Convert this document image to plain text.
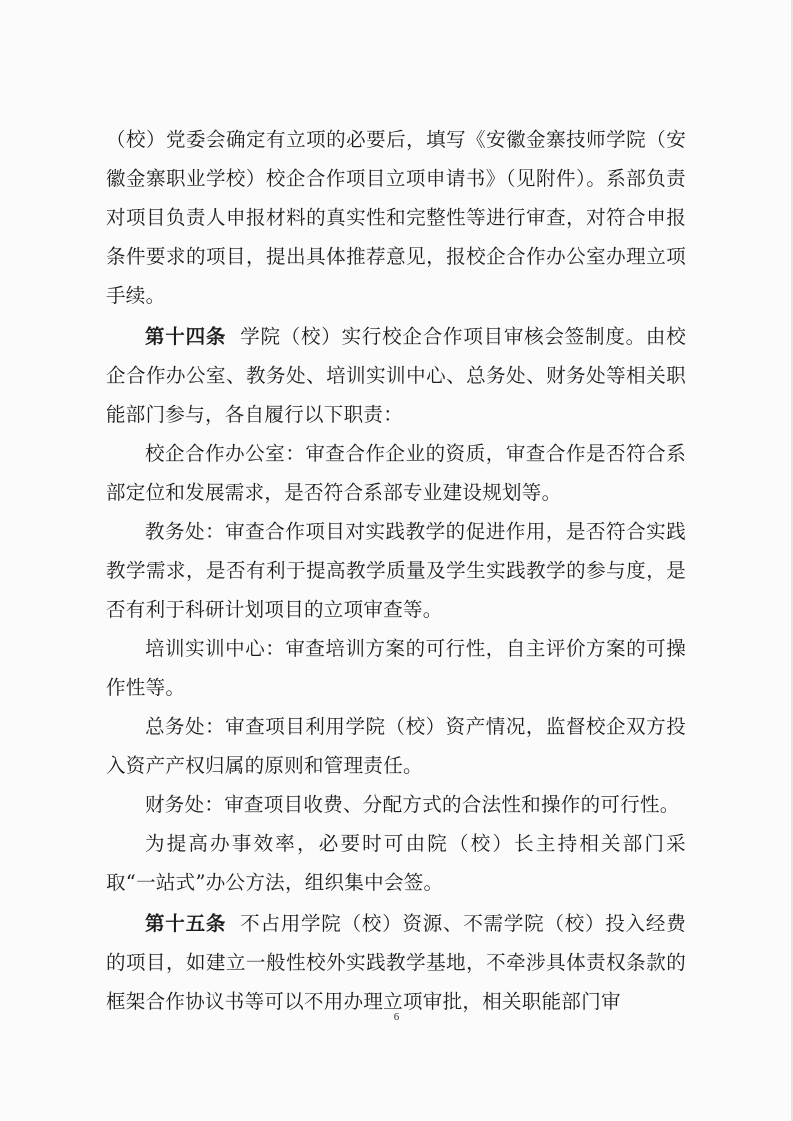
（校）党委会确定有立项的必要后，填写《安徽金寨技师学院（安徽金寨职业学校）校企合作项目立项申请书》（见附件）。系部负责对项目负责人申报材料的真实性和完整性等进行审查，对符合申报条件要求的项目，提出具体推荐意见，报校企合作办公室办理立项手续。

第十四条 学院（校）实行校企合作项目审核会签制度。由校企合作办公室、教务处、培训实训中心、总务处、财务处等相关职能部门参与，各自履行以下职责：

校企合作办公室：审查合作企业的资质，审查合作是否符合系部定位和发展需求，是否符合系部专业建设规划等。

教务处：审查合作项目对实践教学的促进作用，是否符合实践教学需求，是否有利于提高教学质量及学生实践教学的参与度，是否有利于科研计划项目的立项审查等。

培训实训中心：审查培训方案的可行性，自主评价方案的可操作性等。

总务处：审查项目利用学院（校）资产情况，监督校企双方投入资产产权归属的原则和管理责任。

财务处：审查项目收费、分配方式的合法性和操作的可行性。

为提高办事效率，必要时可由院（校）长主持相关部门采取“一站式”办公方法，组织集中会签。

第十五条 不占用学院（校）资源、不需学院（校）投入经费的项目，如建立一般性校外实践教学基地，不牵涉具体责权条款的框架合作协议书等可以不用办理立项审批，相关职能部门审

6
